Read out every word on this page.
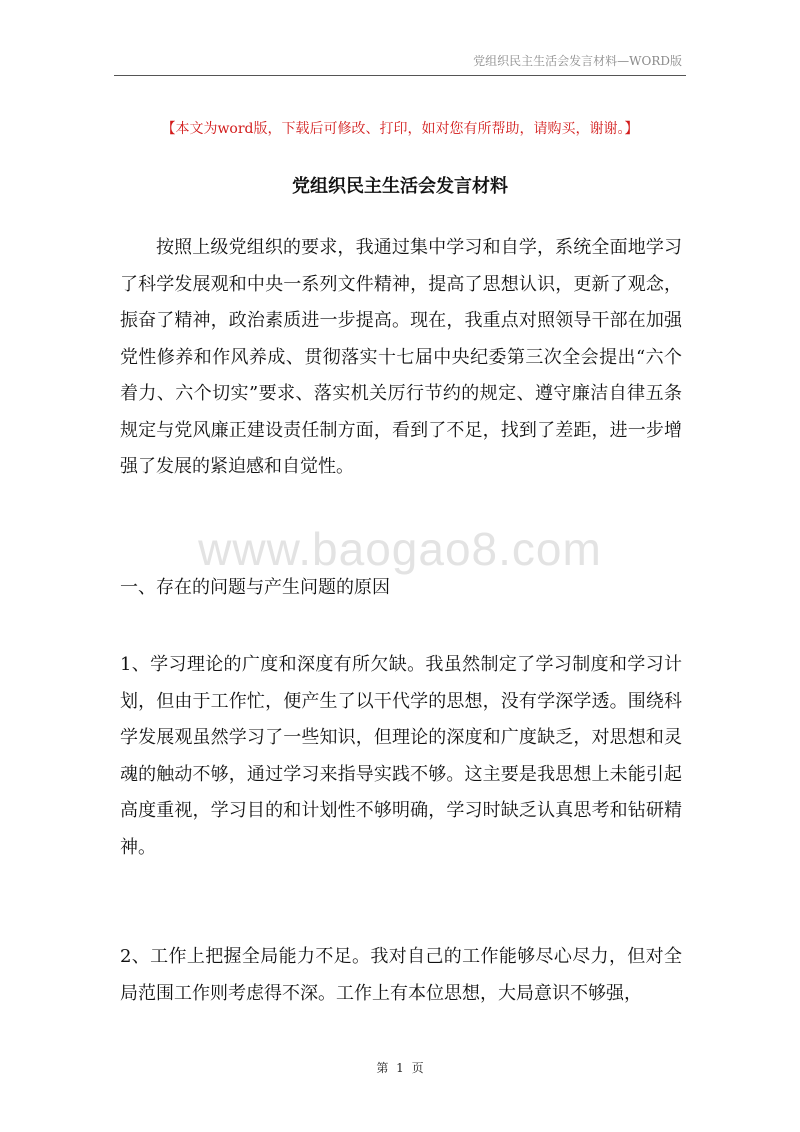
党组织民主生活会发言材料—WORD版
【本文为word版，下载后可修改、打印，如对您有所帮助，请购买，谢谢。】
党组织民主生活会发言材料

按照上级党组织的要求，我通过集中学习和自学，系统全面地学习了科学发展观和中央一系列文件精神，提高了思想认识，更新了观念，振奋了精神，政治素质进一步提高。现在，我重点对照领导干部在加强党性修养和作风养成、贯彻落实十七届中央纪委第三次全会提出“六个着力、六个切实”要求、落实机关厉行节约的规定、遵守廉洁自律五条规定与党风廉正建设责任制方面，看到了不足，找到了差距，进一步增强了发展的紧迫感和自觉性。

www.baogao8.com
一、存在的问题与产生问题的原因

1、学习理论的广度和深度有所欠缺。我虽然制定了学习制度和学习计划，但由于工作忙，便产生了以干代学的思想，没有学深学透。围绕科学发展观虽然学习了一些知识，但理论的深度和广度缺乏，对思想和灵魂的触动不够，通过学习来指导实践不够。这主要是我思想上未能引起高度重视，学习目的和计划性不够明确，学习时缺乏认真思考和钻研精神。

2、工作上把握全局能力不足。我对自己的工作能够尽心尽力，但对全局范围工作则考虑得不深。工作上有本位思想，大局意识不够强，

第 1 页
